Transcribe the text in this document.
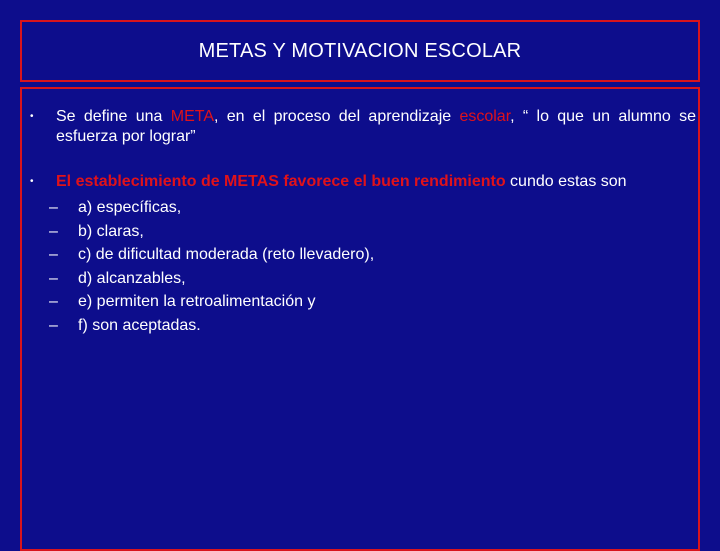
METAS Y MOTIVACION ESCOLAR
• Se define una META, en el proceso del aprendizaje escolar, “ lo que un alumno se esfuerza por lograr”
• El establecimiento de METAS favorece el buen rendimiento cundo estas son
– a) específicas,
– b) claras,
– c) de dificultad moderada (reto llevadero),
– d) alcanzables,
– e) permiten la retroalimentación y
– f) son aceptadas.
